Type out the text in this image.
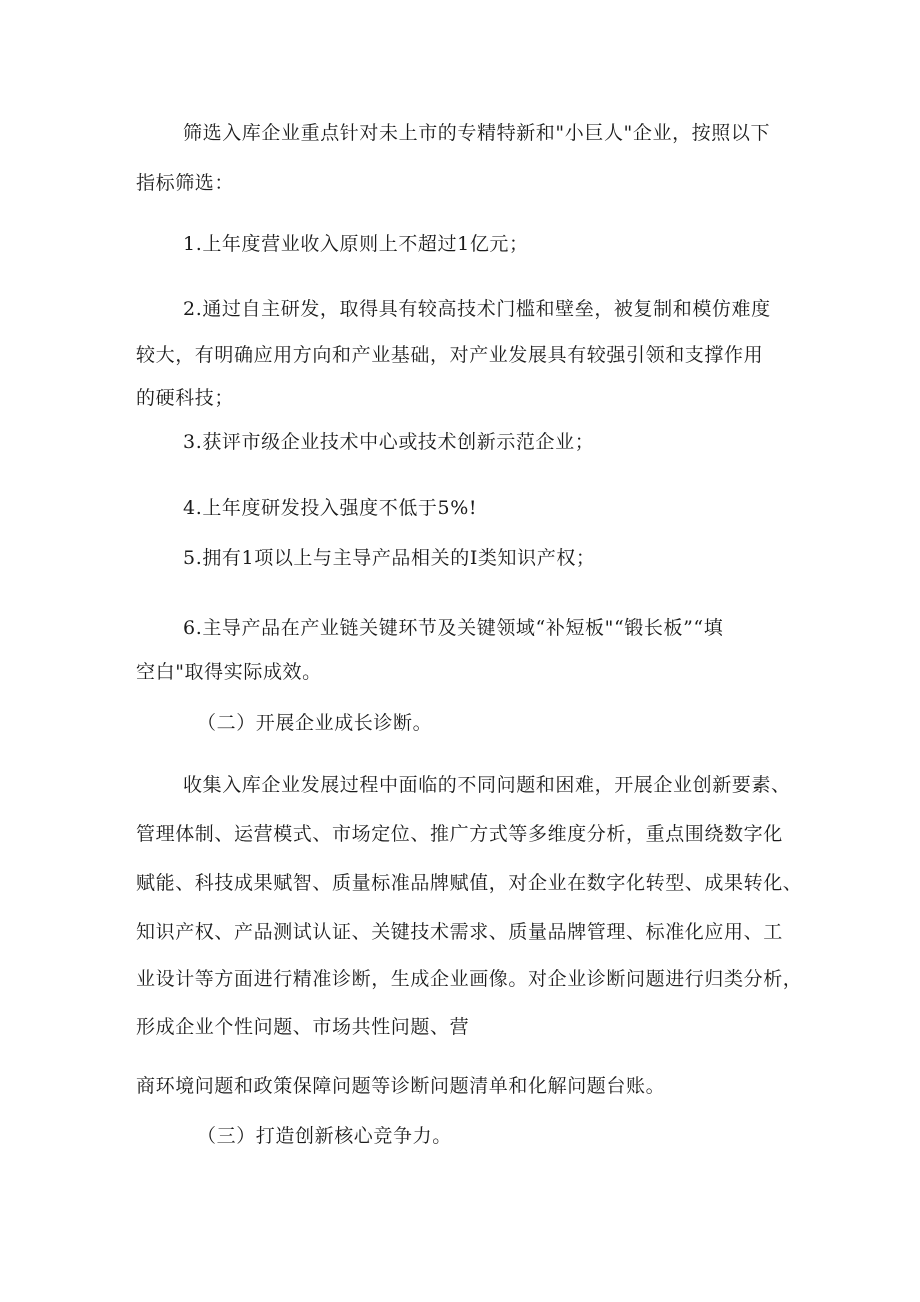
筛选入库企业重点针对未上市的专精特新和"小巨人"企业，按照以下
指标筛选：
1.上年度营业收入原则上不超过1亿元；
2.通过自主研发，取得具有较高技术门槛和壁垒，被复制和模仿难度
较大，有明确应用方向和产业基础，对产业发展具有较强引领和支撑作用
的硬科技；
3.获评市级企业技术中心或技术创新示范企业；
4.上年度研发投入强度不低于5%!
5.拥有1项以上与主导产品相关的I类知识产权；
6.主导产品在产业链关键环节及关键领域“补短板"“锻长板”“填
空白"取得实际成效。
（二）开展企业成长诊断。
收集入库企业发展过程中面临的不同问题和困难，开展企业创新要素、
管理体制、运营模式、市场定位、推广方式等多维度分析，重点围绕数字化
赋能、科技成果赋智、质量标准品牌赋值，对企业在数字化转型、成果转化、
知识产权、产品测试认证、关键技术需求、质量品牌管理、标准化应用、工
业设计等方面进行精准诊断，生成企业画像。对企业诊断问题进行归类分析，
形成企业个性问题、市场共性问题、营
商环境问题和政策保障问题等诊断问题清单和化解问题台账。
（三）打造创新核心竞争力。
